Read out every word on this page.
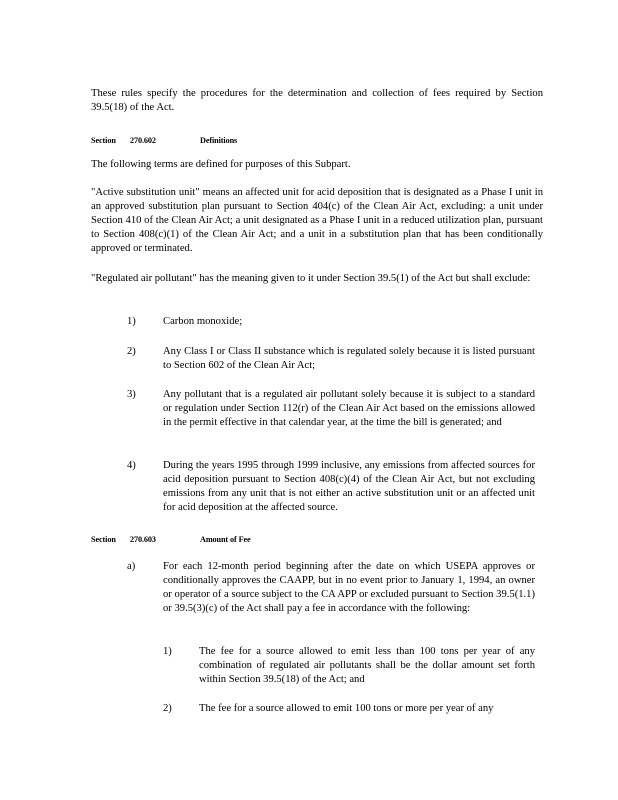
These rules specify the procedures for the determination and collection of fees required by Section 39.5(18) of the Act.

Section 270.602	Definitions

The following terms are defined for purposes of this Subpart.

"Active substitution unit" means an affected unit for acid deposition that is designated as a Phase I unit in an approved substitution plan pursuant to Section 404(c) of the Clean Air Act, excluding: a unit under Section 410 of the Clean Air Act; a unit designated as a Phase I unit in a reduced utilization plan, pursuant to Section 408(c)(1) of the Clean Air Act; and a unit in a substitution plan that has been conditionally approved or terminated.

"Regulated air pollutant" has the meaning given to it under Section 39.5(1) of the Act but shall exclude:

1)	Carbon monoxide;

2)	Any Class I or Class II substance which is regulated solely because it is listed pursuant to Section 602 of the Clean Air Act;

3)	Any pollutant that is a regulated air pollutant solely because it is subject to a standard or regulation under Section 112(r) of the Clean Air Act based on the emissions allowed in the permit effective in that calendar year, at the time the bill is generated; and

4)	During the years 1995 through 1999 inclusive, any emissions from affected sources for acid deposition pursuant to Section 408(c)(4) of the Clean Air Act, but not excluding emissions from any unit that is not either an active substitution unit or an affected unit for acid deposition at the affected source.

Section 270.603	Amount of Fee
a)	For each 12-month period beginning after the date on which USEPA approves or conditionally approves the CAAPP, but in no event prior to January 1, 1994, an owner or operator of a source subject to the CA APP or excluded pursuant to Section 39.5(1.1) or 39.5(3)(c) of the Act shall pay a fee in accordance with the following:

1)	The fee for a source allowed to emit less than 100 tons per year of any combination of regulated air pollutants shall be the dollar amount set forth within Section 39.5(18) of the Act; and

2)	The fee for a source allowed to emit 100 tons or more per year of any
